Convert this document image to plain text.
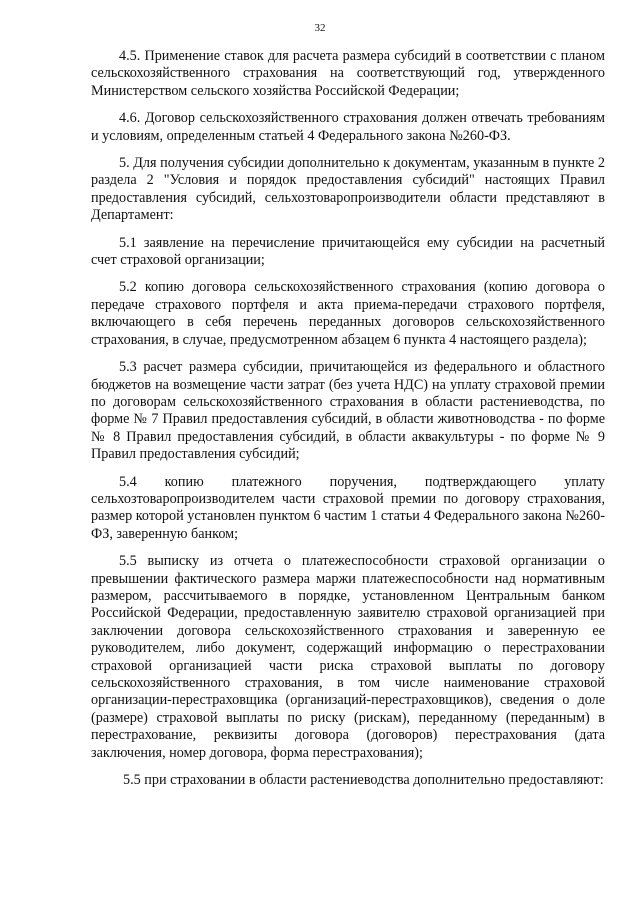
32

4.5. Применение ставок для расчета размера субсидий в соответствии с планом сельскохозяйственного страхования на соответствующий год, утвержденного Министерством сельского хозяйства Российской Федерации;

4.6. Договор сельскохозяйственного страхования должен отвечать требованиям и условиям, определенным статьей 4 Федерального закона №260-ФЗ.

5. Для получения субсидии дополнительно к документам, указанным в пункте 2 раздела 2 "Условия и порядок предоставления субсидий" настоящих Правил предоставления субсидий, сельхозтоваропроизводители области представляют в Департамент:

5.1 заявление на перечисление причитающейся ему субсидии на расчетный счет страховой организации;

5.2 копию договора сельскохозяйственного страхования (копию договора о передаче страхового портфеля и акта приема-передачи страхового портфеля, включающего в себя перечень переданных договоров сельскохозяйственного страхования, в случае, предусмотренном абзацем 6 пункта 4 настоящего раздела);

5.3 расчет размера субсидии, причитающейся из федерального и областного бюджетов на возмещение части затрат (без учета НДС) на уплату страховой премии по договорам сельскохозяйственного страхования в области растениеводства, по форме № 7 Правил предоставления субсидий, в области животноводства - по форме № 8 Правил предоставления субсидий, в области аквакультуры - по форме № 9 Правил предоставления субсидий;

5.4 копию платежного поручения, подтверждающего уплату сельхозтоваропроизводителем части страховой премии по договору страхования, размер которой установлен пунктом 6 частим 1 статьи 4 Федерального закона №260-ФЗ, заверенную банком;

5.5 выписку из отчета о платежеспособности страховой организации о превышении фактического размера маржи платежеспособности над нормативным размером, рассчитываемого в порядке, установленном Центральным банком Российской Федерации, предоставленную заявителю страховой организацией при заключении договора сельскохозяйственного страхования и заверенную ее руководителем, либо документ, содержащий информацию о перестраховании страховой организацией части риска страховой выплаты по договору сельскохозяйственного страхования, в том числе наименование страховой организации-перестраховщика (организаций-перестраховщиков), сведения о доле (размере) страховой выплаты по риску (рискам), переданному (переданным) в перестрахование, реквизиты договора (договоров) перестрахования (дата заключения, номер договора, форма перестрахования);

5.5 при страховании в области растениеводства дополнительно предоставляют:
